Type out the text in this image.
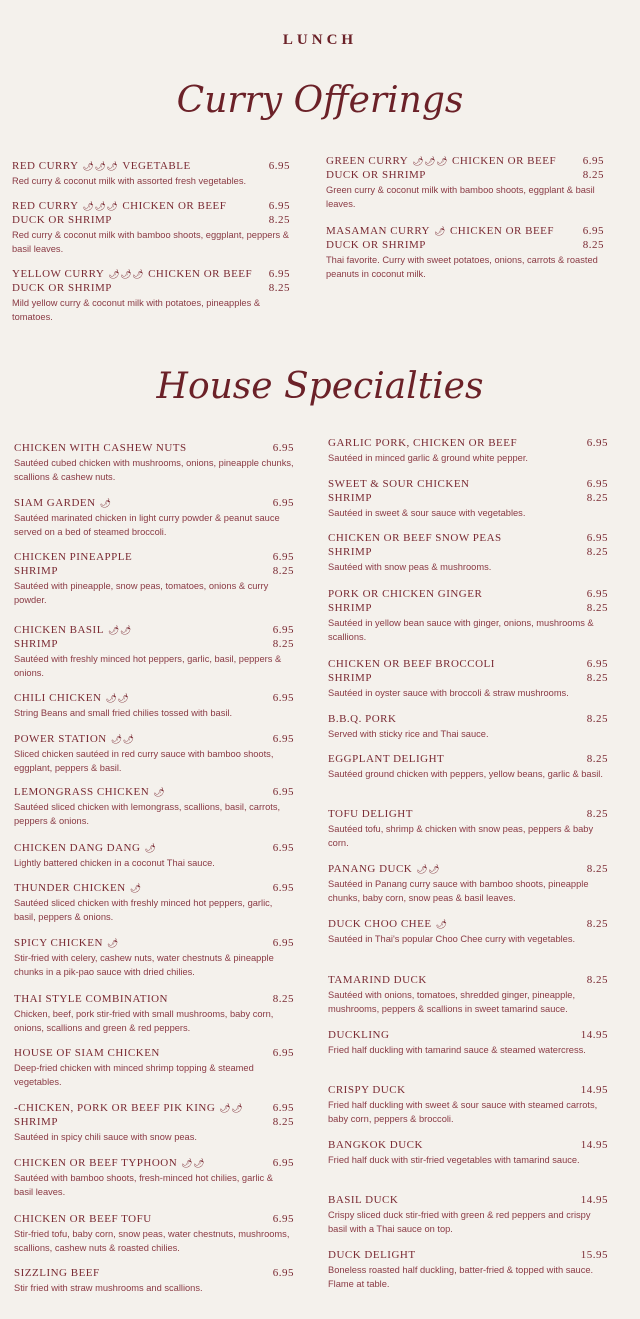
LUNCH
Curry Offerings
RED CURRY 🌶🌶🌶 VEGETABLE	6.95
Red curry & coconut milk with assorted fresh vegetables.
RED CURRY 🌶🌶🌶 CHICKEN OR BEEF	6.95
DUCK OR SHRIMP	8.25
Red curry & coconut milk with bamboo shoots, eggplant, peppers & basil leaves.
YELLOW CURRY 🌶🌶🌶 CHICKEN OR BEEF 6.95
DUCK OR SHRIMP	8.25
Mild yellow curry & coconut milk with potatoes, pineapples & tomatoes.
GREEN CURRY 🌶🌶🌶 CHICKEN OR BEEF 6.95
DUCK OR SHRIMP	8.25
Green curry & coconut milk with bamboo shoots, eggplant & basil leaves.
MASAMAN CURRY 🌶 CHICKEN OR BEEF	6.95
DUCK OR SHRIMP	8.25
Thai favorite. Curry with sweet potatoes, onions, carrots & roasted peanuts in coconut milk.
House Specialties
CHICKEN WITH CASHEW NUTS	6.95
Sautéed cubed chicken with mushrooms, onions, pineapple chunks, scallions & cashew nuts.
SIAM GARDEN 🌶	6.95
Sautéed marinated chicken in light curry powder & peanut sauce served on a bed of steamed broccoli.
CHICKEN PINEAPPLE	6.95
SHRIMP	8.25
Sautéed with pineapple, snow peas, tomatoes, onions & curry powder.
CHICKEN BASIL 🌶🌶	6.95
SHRIMP	8.25
Sautéed with freshly minced hot peppers, garlic, basil, peppers & onions.
CHILI CHICKEN 🌶🌶	6.95
String Beans and small fried chilies tossed with basil.
POWER STATION 🌶🌶	6.95
Sliced chicken sautéed in red curry sauce with bamboo shoots, eggplant, peppers & basil.
LEMONGRASS CHICKEN 🌶	6.95
Sautéed sliced chicken with lemongrass, scallions, basil, carrots, peppers & onions.
CHICKEN DANG DANG 🌶	6.95
Lightly battered chicken in a coconut Thai sauce.
THUNDER CHICKEN 🌶	6.95
Sautéed sliced chicken with freshly minced hot peppers, garlic, basil, peppers & onions.
SPICY CHICKEN 🌶	6.95
Stir-fried with celery, cashew nuts, water chestnuts & pineapple chunks in a pik-pao sauce with dried chilies.
THAI STYLE COMBINATION	8.25
Chicken, beef, pork stir-fried with small mushrooms, baby corn, onions, scallions and green & red peppers.
HOUSE OF SIAM CHICKEN	6.95
Deep-fried chicken with minced shrimp topping & steamed vegetables.
-CHICKEN, PORK OR BEEF PIK KING 🌶🌶	6.95
SHRIMP	8.25
Sautéed in spicy chili sauce with snow peas.
CHICKEN OR BEEF TYPHOON 🌶🌶	6.95
Sautéed with bamboo shoots, fresh-minced hot chilies, garlic & basil leaves.
CHICKEN OR BEEF TOFU	6.95
Stir-fried tofu, baby corn, snow peas, water chestnuts, mushrooms, scallions, cashew nuts & roasted chilies.
SIZZLING BEEF	6.95
Stir fried with straw mushrooms and scallions.
GARLIC PORK, CHICKEN OR BEEF	6.95
Sautéed in minced garlic & ground white pepper.
SWEET & SOUR CHICKEN	6.95
SHRIMP	8.25
Sautéed in sweet & sour sauce with vegetables.
CHICKEN OR BEEF SNOW PEAS	6.95
SHRIMP	8.25
Sautéed with snow peas & mushrooms.
PORK OR CHICKEN GINGER	6.95
SHRIMP	8.25
Sautéed in yellow bean sauce with ginger, onions, mushrooms & scallions.
CHICKEN OR BEEF BROCCOLI	6.95
SHRIMP	8.25
Sautéed in oyster sauce with broccoli & straw mushrooms.
B.B.Q. PORK	8.25
Served with sticky rice and Thai sauce.
EGGPLANT DELIGHT	8.25
Sautéed ground chicken with peppers, yellow beans, garlic & basil.
TOFU DELIGHT	8.25
Sautéed tofu, shrimp & chicken with snow peas, peppers & baby corn.
PANANG DUCK 🌶🌶	8.25
Sautéed in Panang curry sauce with bamboo shoots, pineapple chunks, baby corn, snow peas & basil leaves.
DUCK CHOO CHEE 🌶	8.25
Sautéed in Thai's popular Choo Chee curry with vegetables.
TAMARIND DUCK	8.25
Sautéed with onions, tomatoes, shredded ginger, pineapple, mushrooms, peppers & scallions in sweet tamarind sauce.
DUCKLING	14.95
Fried half duckling with tamarind sauce & steamed watercress.
CRISPY DUCK	14.95
Fried half duckling with sweet & sour sauce with steamed carrots, baby corn, peppers & broccoli.
BANGKOK DUCK	14.95
Fried half duck with stir-fried vegetables with tamarind sauce.
BASIL DUCK	14.95
Crispy sliced duck stir-fried with green & red peppers and crispy basil with a Thai sauce on top.
DUCK DELIGHT	15.95
Boneless roasted half duckling, batter-fried & topped with sauce. Flame at table.
